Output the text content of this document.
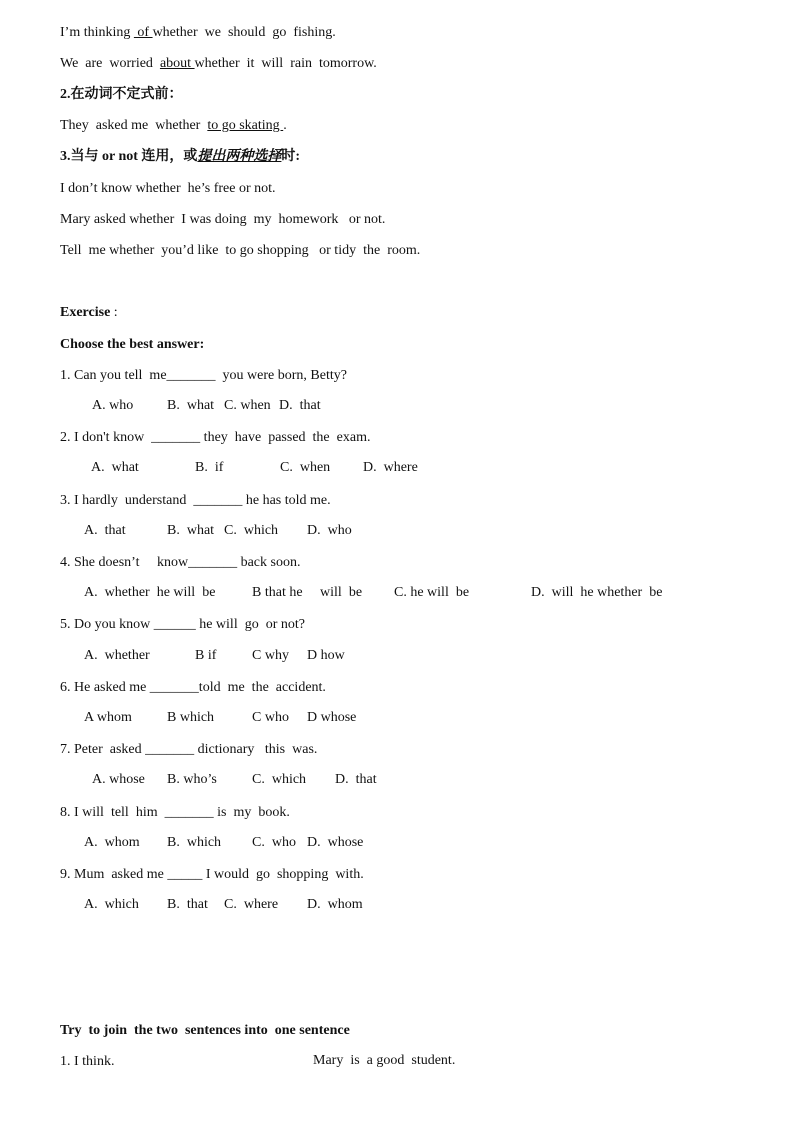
I’m thinking  of whether  we  should  go  fishing.
We  are  worried  about whether  it  will  rain  tomorrow.
2.在动词不定式前：
They  asked me  whether  to go skating .
3.当与 or not 连用，或提出两种选择时:
I don’t know whether  he’s free or not.
Mary asked whether  I was doing  my  homework   or not.
Tell  me whether  you’d like  to go shopping   or tidy  the  room.
Exercise :
Choose the best answer:
1. Can you tell  me_______  you were born, Betty?
A. who B.  what C. when D.  that
2. I don't know  _______ they  have  passed  the  exam.
A.  what	B.  if	C.  when D.  where
3. I hardly  understand  _______ he has told me.
A.  that	B.  what C.  which D.  who
4. She doesn’t     know_______ back soon.
A.  whether  he will  be	B that he     will  be C. he will  be	D.  will  he whether  be
5. Do you know ______ he will  go  or not?
A.  whether	B if	C why D how
6. He asked me _______told  me  the  accident.
A whom	B which	C who D whose
7. Peter  asked _______ dictionary   this  was.
A. whose B. who’s	C.  which D.  that
8. I will  tell  him  _______ is  my  book.
A.  whom B.  which C.  who D.  whose
9. Mum  asked me _____ I would  go  shopping  with.
A.  which B.  that C.  where D.  whom
Try  to join  the two  sentences into  one sentence
1. I think.	Mary  is  a good  student.
